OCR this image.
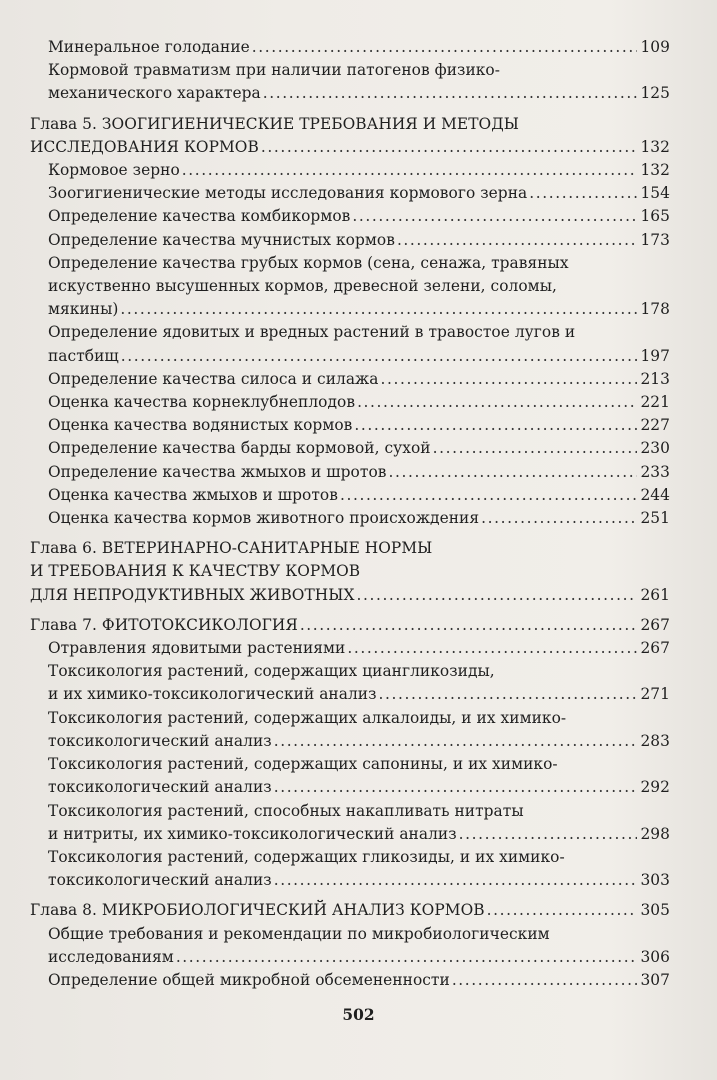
Минеральное голодание .....	109
Кормовой травматизм при наличии патогенов физико-
механического характера .....	125
Глава 5. ЗООГИГИЕНИЧЕСКИЕ ТРЕБОВАНИЯ И МЕТОДЫ
ИССЛЕДОВАНИЯ КОРМОВ .....	132
Кормовое зерно .....	132
Зоогигиенические методы исследования кормового зерна .....	154
Определение качества комбикормов .....	165
Определение качества мучнистых кормов .....	173
Определение качества грубых кормов (сена, сенажа, травяных
искуственно высушенных кормов, древесной зелени, соломы,
мякины) .....	178
Определение ядовитых и вредных растений в травостое лугов и
пастбищ .....	197
Определение качества силоса и силажа .....	213
Оценка качества корнеклубнеплодов .....	221
Оценка качества водянистых кормов .....	227
Определение качества барды кормовой, сухой .....	230
Определение качества жмыхов и шротов .....	233
Оценка качества жмыхов и шротов .....	244
Оценка качества кормов животного происхождения .....	251
Глава 6. ВЕТЕРИНАРНО-САНИТАРНЫЕ НОРМЫ
И ТРЕБОВАНИЯ К КАЧЕСТВУ КОРМОВ
ДЛЯ НЕПРОДУКТИВНЫХ ЖИВОТНЫХ .....	261
Глава 7. ФИТОТОКСИКОЛОГИЯ .....	267
Отравления ядовитыми растениями .....	267
Токсикология растений, содержащих циангликозиды,
и их химико-токсикологический анализ .....	271
Токсикология растений, содержащих алкалоиды, и их химико-
токсикологический анализ .....	283
Токсикология растений, содержащих сапонины, и их химико-
токсикологический анализ .....	292
Токсикология растений, способных накапливать нитраты
и нитриты, их химико-токсикологический анализ .....	298
Токсикология растений, содержащих гликозиды, и их химико-
токсикологический анализ .....	303
Глава 8. МИКРОБИОЛОГИЧЕСКИЙ АНАЛИЗ КОРМОВ .....	305
Общие требования и рекомендации по микробиологическим
исследованиям .....	306
Определение общей микробной обсемененности .....	307
502
